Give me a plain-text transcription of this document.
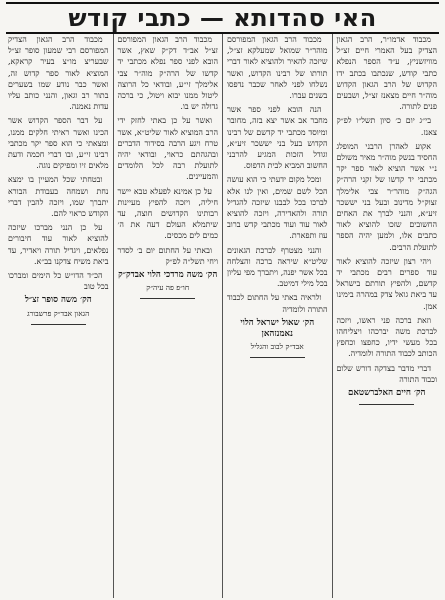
האי סהדותא — כתבי קודש

מכבוד אדמו״ר, הרב הגאון הצדיק בעל האמרי חיים זצ״ל מוויזשניץ, ע״ד הספר הנפלא כתבי קודש, שנכתבו בכתב ידו הקדוש של הרב הגאון הקדוש מוה״ר חיים מצאנז זצ״ל, ושבעים פנים לתורה.

בי״ג יום כ׳ סיון תשל״ו לפ״ק צאנז.

אקוע לאהרן הרבני המופלג החסיד בנשק מוה״ר מאיר משולם נ״י אשר הוציא לאור ספר יקר מכתבי יד קדשו של זקני הרה״ק הגה״ק מוהר״ר צבי אלימלך זצוק״ל מדינוב ובעל בני יששכר זיע״א, והנני לברך את האחים החשובים שזכו להוציא לאור כתבים אלו, ולמען יהיה הספר לתועלת הרבים.

ויהי רצון שיזכה להוציא לאור עוד ספרים רבים מכתבי יד קדשם, ולהפיץ תורתם בישראל עד ביאת גואל צדק במהרה בימינו אמן.

וזאת ברכה פני ראשו, ויזכה לברכת משה יברכהו ויצליחהו בכל מעשי ידיו, כחפצו וכחפץ הכותב לכבוד התורה ולומדיה.

דברי מדבר בצדקה דורש שלום וכבוד התורה

הק׳ חיים האלברשטאם

מכבוד הרב הגאון המפורסם מוהר״ר שמואל שמעלקא זצ״ל, שיזכה להאיר ולהוציא לאור דברי תורתו של רבינו הקדוש, ואשר נשלחו לפני לאחר שכבר נדפסו בשנים עברו.

הנה הובא לפני ספר אשר מחבר אב אשר יצא בזה, מחובר ומיוסד מכתבי יד קדשם של רבינו הקדוש בעל בני יששכר זיע״א, וגודל הזכות המגיע להרבני החשוב המביא לבית הדפוס.

ומכל מקום ידעתי כי הוא עושה הכל לשם שמים, ואין לנו אלא לברכו בכל לבבנו שיזכה להגדיל תורה ולהאדירה, ויזכה להוציא לאור עוד ועוד מכתבי קדש ברוב עוז ותפארת.

והנני מצטרף לברכת הגאונים שליט״א שיראה ברכה והצלחה בכל אשר יפנה, ויתברך מפי עליון בכל מילי דמיטב.

ולראיה באתי על החתום לכבוד התורה ולומדיה

הק׳ שאול ישראל הלוי נאמנזהאן
אבד״ק לבוב והגליל

מכבוד הרב הגאון המפורסם זצ״ל אב״ד דק״ק שאץ, אשר הובא לפני ספר נפלא מכתבי יד קדשו של הרה״ק מוה״ר צבי אלימלך זי״ע, ובודאי כל הרוצה ליטול ממנו יבוא ויטול, כי ברכה גדולה יש בו.

ואשר על כן באתי לחזק ידי הרב המוציא לאור שליט״א, אשר טרח ויגע הרבה בסידור הדברים ובהגהתם כראוי, ובודאי יהיה לתועלת רבה לכל הלומדים והמעיינים.

על כן אמינא לפעלא טבא יישר חיליה, ויזכה להפיץ מעיינות רבותינו הקדושים חוצה, עד שיתמלא העולם דעה את ה׳ כמים לים מכסים.

ובאתי על החתום יום ב׳ לסדר ויחי תשל״ה לפ״ק

הק׳ משה מרדכי הלוי אבדק״ק
חו״פ פה עיה״ק

מכבוד הרב הגאון הצדיק המפורסם רבי שמעון סופר זצ״ל שבעריצ מו״צ בעיר קראקא, המוציא לאור ספר קדוש זה, ואשר כבר נודע שמו בשערים בתור רב וגאון, והנני כותב עליו עדות נאמנה.

על דבר הספר הקדוש אשר הכינו ואשר ראיתי חלקים ממנו, ומצאתי כי הוא ספר יקר מכתבי רבינו זי״ע, ובו דברי חכמה ודעת מלאים זיו ומפיקים נוגה.

ובטחתי שכל המעיין בו ימצא נחת ושמחה בעבודת הבורא יתברך שמו, ויזכה להבין דברי הקודש כראוי להם.

על כן הנני מברכו שיזכה להוציא לאור עוד חיבורים נפלאים, ויגדיל תורה ויאדיר, עד ביאת משיח צדקנו בב״א.

הכ״ד הדו״ש כל הימים ומברכו בכל טוב

הק׳ משה סופר זצ״ל
הגאון אבד״ק פרשבורג
